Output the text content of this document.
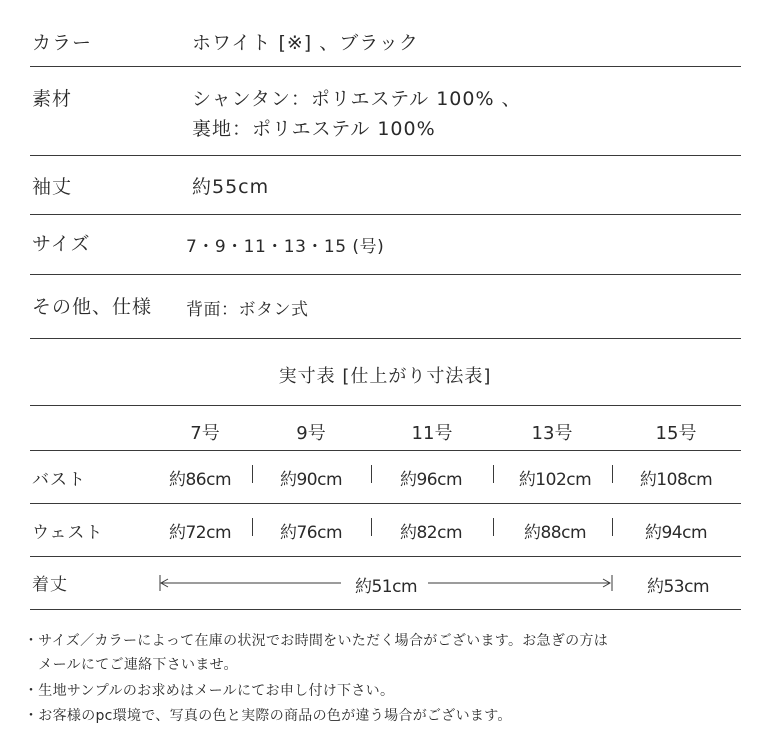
カラー	ホワイト [※] 、ブラック
素材	シャンタン：ポリエステル 100% 、
裏地：ポリエステル 100%
袖丈	約55cm
サイズ	7・9・11・13・15 (号)
その他、仕様 背面：ボタン式
実寸表 [仕上がり寸法表]
7号	9号	11号	13号	15号
バスト	約86cm	約90cm	約96cm	約102cm	約108cm
ウェスト	約72cm	約76cm	約82cm	約88cm	約94cm
着丈	約51cm	約53cm
・サイズ／カラーによって在庫の状況でお時間をいただく場合がございます。お急ぎの方は
　メールにてご連絡下さいませ。
・生地サンプルのお求めはメールにてお申し付け下さい。
・お客様のpc環境で、写真の色と実際の商品の色が違う場合がございます。
